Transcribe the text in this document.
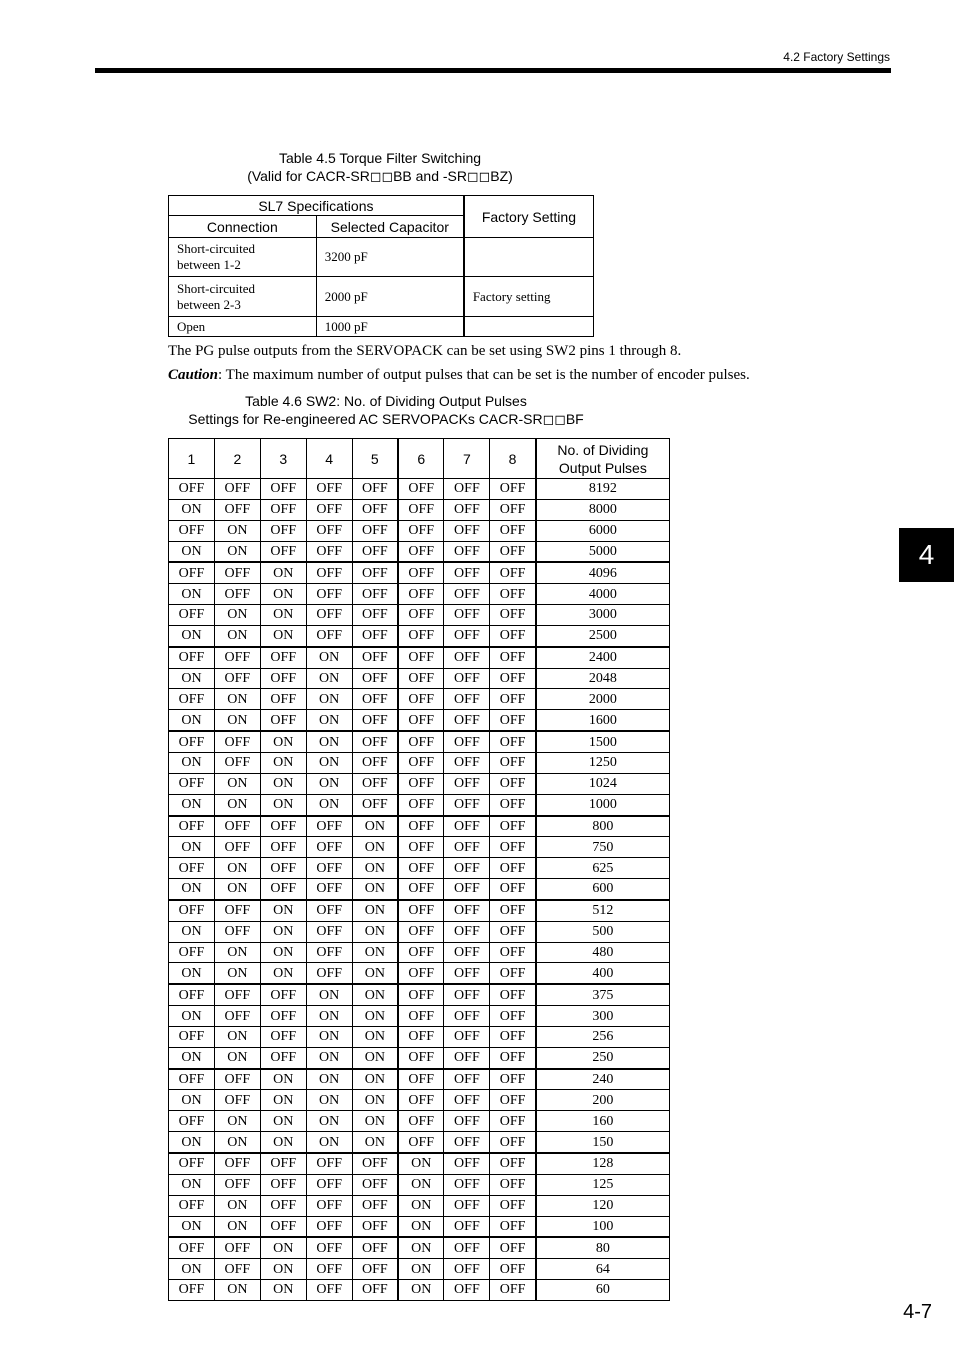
4.2 Factory Settings
4
Table 4.5 Torque Filter Switching
(Valid for CACR-SR◻◻BB and -SR◻◻BZ)
SL7 Specifications		Factory Setting
Connection	Selected Capacitor	
Short-circuited
between 1-2	3200 pF	
Short-circuited
between 2-3	2000 pF	Factory setting
Open	1000 pF	
The PG pulse outputs from the SERVOPACK can be set using SW2 pins 1 through 8.
Caution: The maximum number of output pulses that can be set is the number of encoder pulses.
Table 4.6 SW2: No. of Dividing Output Pulses
Settings for Re-engineered AC SERVOPACKs CACR-SR◻◻BF
1	2	3	4	5	6	7	8	No. of Dividing
Output Pulses

OFF	OFF	OFF	OFF	OFF	OFF	OFF	OFF	8192
ON	OFF	OFF	OFF	OFF	OFF	OFF	OFF	8000
OFF	ON	OFF	OFF	OFF	OFF	OFF	OFF	6000
ON	ON	OFF	OFF	OFF	OFF	OFF	OFF	5000
OFF	OFF	ON	OFF	OFF	OFF	OFF	OFF	4096
ON	OFF	ON	OFF	OFF	OFF	OFF	OFF	4000
OFF	ON	ON	OFF	OFF	OFF	OFF	OFF	3000
ON	ON	ON	OFF	OFF	OFF	OFF	OFF	2500
OFF	OFF	OFF	ON	OFF	OFF	OFF	OFF	2400
ON	OFF	OFF	ON	OFF	OFF	OFF	OFF	2048
OFF	ON	OFF	ON	OFF	OFF	OFF	OFF	2000
ON	ON	OFF	ON	OFF	OFF	OFF	OFF	1600
OFF	OFF	ON	ON	OFF	OFF	OFF	OFF	1500
ON	OFF	ON	ON	OFF	OFF	OFF	OFF	1250
OFF	ON	ON	ON	OFF	OFF	OFF	OFF	1024
ON	ON	ON	ON	OFF	OFF	OFF	OFF	1000
OFF	OFF	OFF	OFF	ON	OFF	OFF	OFF	800
ON	OFF	OFF	OFF	ON	OFF	OFF	OFF	750
OFF	ON	OFF	OFF	ON	OFF	OFF	OFF	625
ON	ON	OFF	OFF	ON	OFF	OFF	OFF	600
OFF	OFF	ON	OFF	ON	OFF	OFF	OFF	512
ON	OFF	ON	OFF	ON	OFF	OFF	OFF	500
OFF	ON	ON	OFF	ON	OFF	OFF	OFF	480
ON	ON	ON	OFF	ON	OFF	OFF	OFF	400
OFF	OFF	OFF	ON	ON	OFF	OFF	OFF	375
ON	OFF	OFF	ON	ON	OFF	OFF	OFF	300
OFF	ON	OFF	ON	ON	OFF	OFF	OFF	256
ON	ON	OFF	ON	ON	OFF	OFF	OFF	250
OFF	OFF	ON	ON	ON	OFF	OFF	OFF	240
ON	OFF	ON	ON	ON	OFF	OFF	OFF	200
OFF	ON	ON	ON	ON	OFF	OFF	OFF	160
ON	ON	ON	ON	ON	OFF	OFF	OFF	150
OFF	OFF	OFF	OFF	OFF	ON	OFF	OFF	128
ON	OFF	OFF	OFF	OFF	ON	OFF	OFF	125
OFF	ON	OFF	OFF	OFF	ON	OFF	OFF	120
ON	ON	OFF	OFF	OFF	ON	OFF	OFF	100
OFF	OFF	ON	OFF	OFF	ON	OFF	OFF	80
ON	OFF	ON	OFF	OFF	ON	OFF	OFF	64
OFF	ON	ON	OFF	OFF	ON	OFF	OFF	60
4-7
